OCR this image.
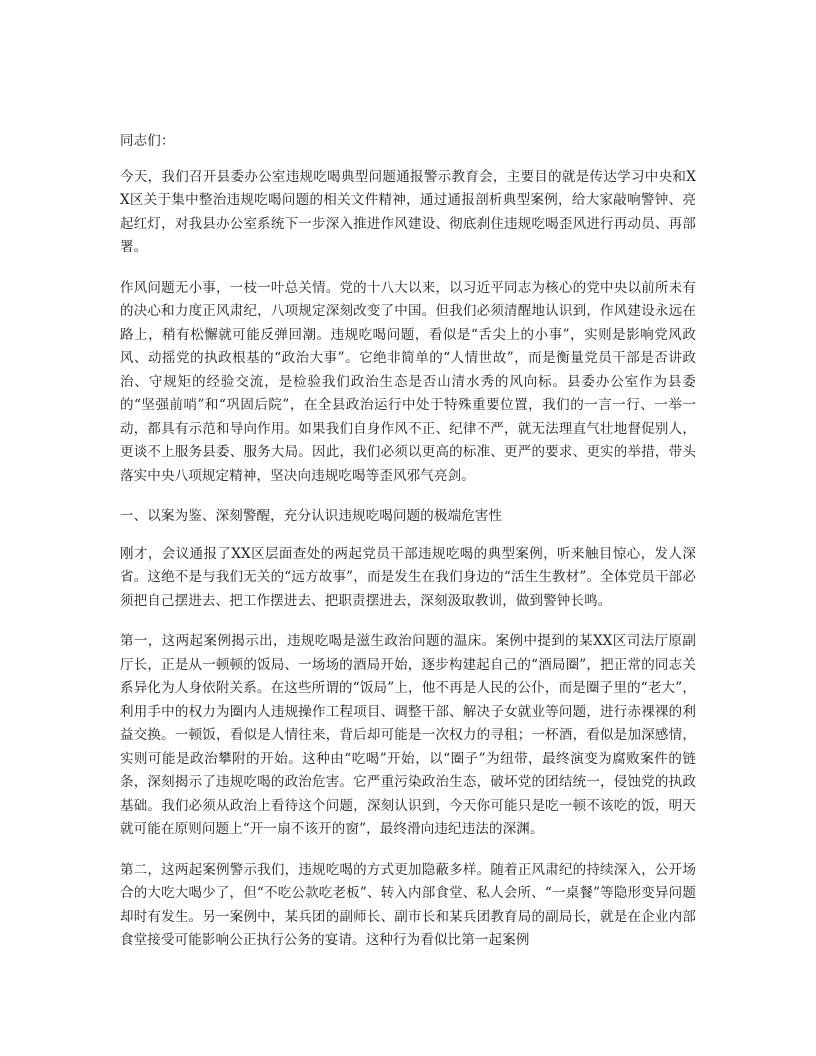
同志们：

今天，我们召开县委办公室违规吃喝典型问题通报警示教育会，主要目的就是传达学习中央和XX区关于集中整治违规吃喝问题的相关文件精神，通过通报剖析典型案例，给大家敲响警钟、亮起红灯，对我县办公室系统下一步深入推进作风建设、彻底刹住违规吃喝歪风进行再动员、再部署。

作风问题无小事，一枝一叶总关情。党的十八大以来，以习近平同志为核心的党中央以前所未有的决心和力度正风肃纪，八项规定深刻改变了中国。但我们必须清醒地认识到，作风建设永远在路上，稍有松懈就可能反弹回潮。违规吃喝问题，看似是“舌尖上的小事”，实则是影响党风政风、动摇党的执政根基的“政治大事”。它绝非简单的“人情世故”，而是衡量党员干部是否讲政治、守规矩的经验交流，是检验我们政治生态是否山清水秀的风向标。县委办公室作为县委的“坚强前哨”和“巩固后院”，在全县政治运行中处于特殊重要位置，我们的一言一行、一举一动，都具有示范和导向作用。如果我们自身作风不正、纪律不严，就无法理直气壮地督促别人，更谈不上服务县委、服务大局。因此，我们必须以更高的标准、更严的要求、更实的举措，带头落实中央八项规定精神，坚决向违规吃喝等歪风邪气亮剑。

一、以案为鉴、深刻警醒，充分认识违规吃喝问题的极端危害性

刚才，会议通报了XX区层面查处的两起党员干部违规吃喝的典型案例，听来触目惊心，发人深省。这绝不是与我们无关的“远方故事”，而是发生在我们身边的“活生生教材”。全体党员干部必须把自己摆进去、把工作摆进去、把职责摆进去，深刻汲取教训，做到警钟长鸣。

第一，这两起案例揭示出，违规吃喝是滋生政治问题的温床。案例中提到的某XX区司法厅原副厅长，正是从一顿顿的饭局、一场场的酒局开始，逐步构建起自己的“酒局圈”，把正常的同志关系异化为人身依附关系。在这些所谓的“饭局”上，他不再是人民的公仆，而是圈子里的“老大”，利用手中的权力为圈内人违规操作工程项目、调整干部、解决子女就业等问题，进行赤裸裸的利益交换。一顿饭，看似是人情往来，背后却可能是一次权力的寻租；一杯酒，看似是加深感情，实则可能是政治攀附的开始。这种由“吃喝”开始，以“圈子”为纽带，最终演变为腐败案件的链条，深刻揭示了违规吃喝的政治危害。它严重污染政治生态，破坏党的团结统一，侵蚀党的执政基础。我们必须从政治上看待这个问题，深刻认识到，今天你可能只是吃一顿不该吃的饭，明天就可能在原则问题上“开一扇不该开的窗”，最终滑向违纪违法的深渊。

第二，这两起案例警示我们，违规吃喝的方式更加隐蔽多样。随着正风肃纪的持续深入，公开场合的大吃大喝少了，但“不吃公款吃老板”、转入内部食堂、私人会所、“一桌餐”等隐形变异问题却时有发生。另一案例中，某兵团的副师长、副市长和某兵团教育局的副局长，就是在企业内部食堂接受可能影响公正执行公务的宴请。这种行为看似比第一起案例
